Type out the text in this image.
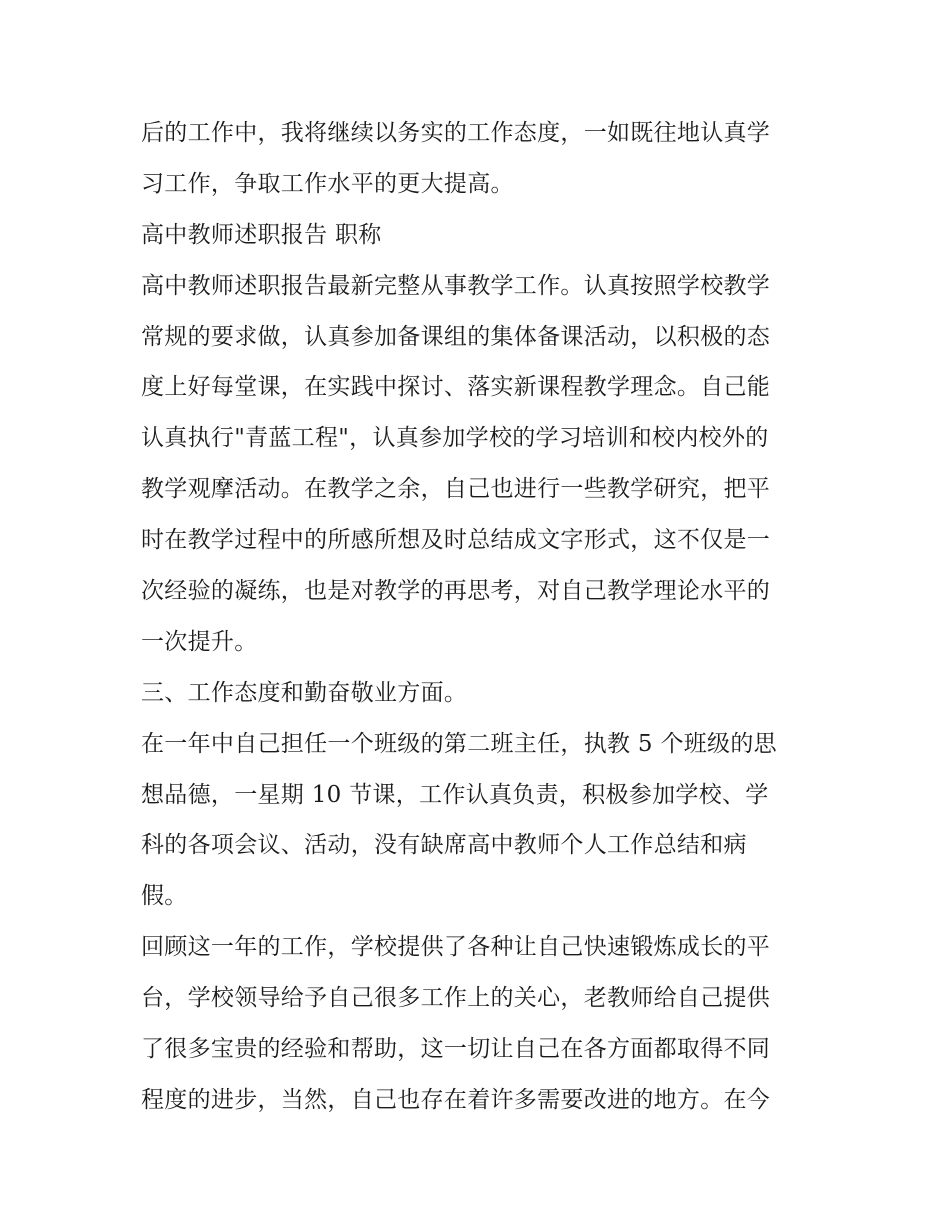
后的工作中，我将继续以务实的工作态度，一如既往地认真学
习工作，争取工作水平的更大提高。
高中教师述职报告 职称
高中教师述职报告最新完整从事教学工作。认真按照学校教学
常规的要求做，认真参加备课组的集体备课活动，以积极的态
度上好每堂课，在实践中探讨、落实新课程教学理念。自己能
认真执行"青蓝工程"，认真参加学校的学习培训和校内校外的
教学观摩活动。在教学之余，自己也进行一些教学研究，把平
时在教学过程中的所感所想及时总结成文字形式，这不仅是一
次经验的凝练，也是对教学的再思考，对自己教学理论水平的
一次提升。
三、工作态度和勤奋敬业方面。
在一年中自己担任一个班级的第二班主任，执教 5 个班级的思
想品德，一星期 10 节课，工作认真负责，积极参加学校、学
科的各项会议、活动，没有缺席高中教师个人工作总结和病
假。
回顾这一年的工作，学校提供了各种让自己快速锻炼成长的平
台，学校领导给予自己很多工作上的关心，老教师给自己提供
了很多宝贵的经验和帮助，这一切让自己在各方面都取得不同
程度的进步，当然，自己也存在着许多需要改进的地方。在今
